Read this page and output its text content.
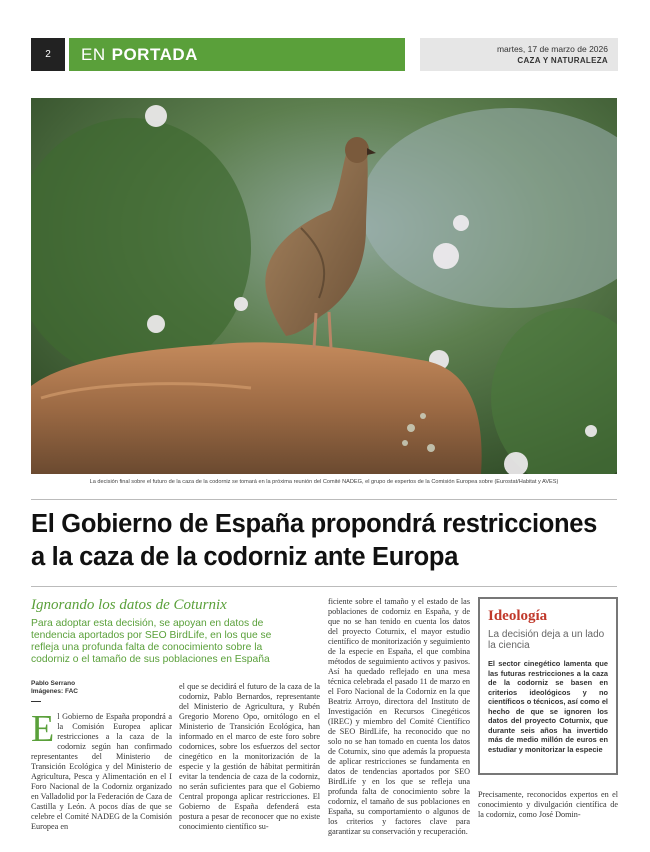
2	EN PORTADA	martes, 17 de marzo de 2026
CAZA Y NATURALEZA
La decisión final sobre el futuro de la caza de la codorniz se tomará en la próxima reunión del Comité NADEG, el grupo de expertos de la Comisión Europea sobre (Eurostat/Habitat y AVES)
El Gobierno de España propondrá restricciones
a la caza de la codorniz ante Europa
Ignorando los datos de Coturnix
Para adoptar esta decisión, se apoyan en datos de tendencia aportados por SEO BirdLife, en los que se refleja una profunda falta de conocimiento sobre la codorniz o el tamaño de sus poblaciones en España
Pablo Serrano
Imágenes: FAC
El Gobierno de España propondrá a la Comisión Europea aplicar restricciones a la caza de la codorniz según han confirmado representantes del Ministerio de Transición Ecológica y del Ministerio de Agricultura, Pesca y Alimentación en el I Foro Nacional de la Codorniz organizado en Valladolid por la Federación de Caza de Castilla y León. A pocos días de que se celebre el Comité NADEG de la Comisión Europea en
el que se decidirá el futuro de la caza de la codorniz, Pablo Bernardos, representante del Ministerio de Agricultura, y Rubén Gregorio Moreno Opo, ornitólogo en el Ministerio de Transición Ecológica, han informado en el marco de este foro sobre codornices, sobre los esfuerzos del sector cinegético en la monitorización de la especie y la gestión de hábitat permitirán evitar la tendencia de caza de la codorniz, no serán suficientes para que el Gobierno Central proponga aplicar restricciones. El Gobierno de España defenderá esta postura a pesar de reconocer que no existe conocimiento científico su-
ficiente sobre el tamaño y el estado de las poblaciones de codorniz en España, y de que no se han tenido en cuenta los datos del proyecto Coturnix, el mayor estudio científico de monitorización y seguimiento de la especie en España, el que combina métodos de seguimiento activos y pasivos. Así ha quedado reflejado en una mesa técnica celebrada el pasado 11 de marzo en el Foro Nacional de la Codorniz en la que Beatriz Arroyo, directora del Instituto de Investigación en Recursos Cinegéticos (IREC) y miembro del Comité Científico de SEO BirdLife, ha reconocido que no solo no se han tomado en cuenta los datos de Coturnix, sino que además la propuesta de aplicar restricciones se fundamenta en datos de tendencias aportados por SEO BirdLife y en los que se refleja una profunda falta de conocimiento sobre la codorniz, el tamaño de sus poblaciones en España, su comportamiento o algunos de los criterios y factores clave para garantizar su conservación y recuperación.
Ideología
La decisión deja a un lado la ciencia
El sector cinegético lamenta que las futuras restricciones a la caza de la codorniz se basen en criterios ideológicos y no científicos o técnicos, así como el hecho de que se ignoren los datos del proyecto Coturnix, que durante seis años ha invertido más de medio millón de euros en estudiar y monitorizar la especie
Precisamente, reconocidos expertos en el conocimiento y divulgación científica de la codorniz, como José Domin-
